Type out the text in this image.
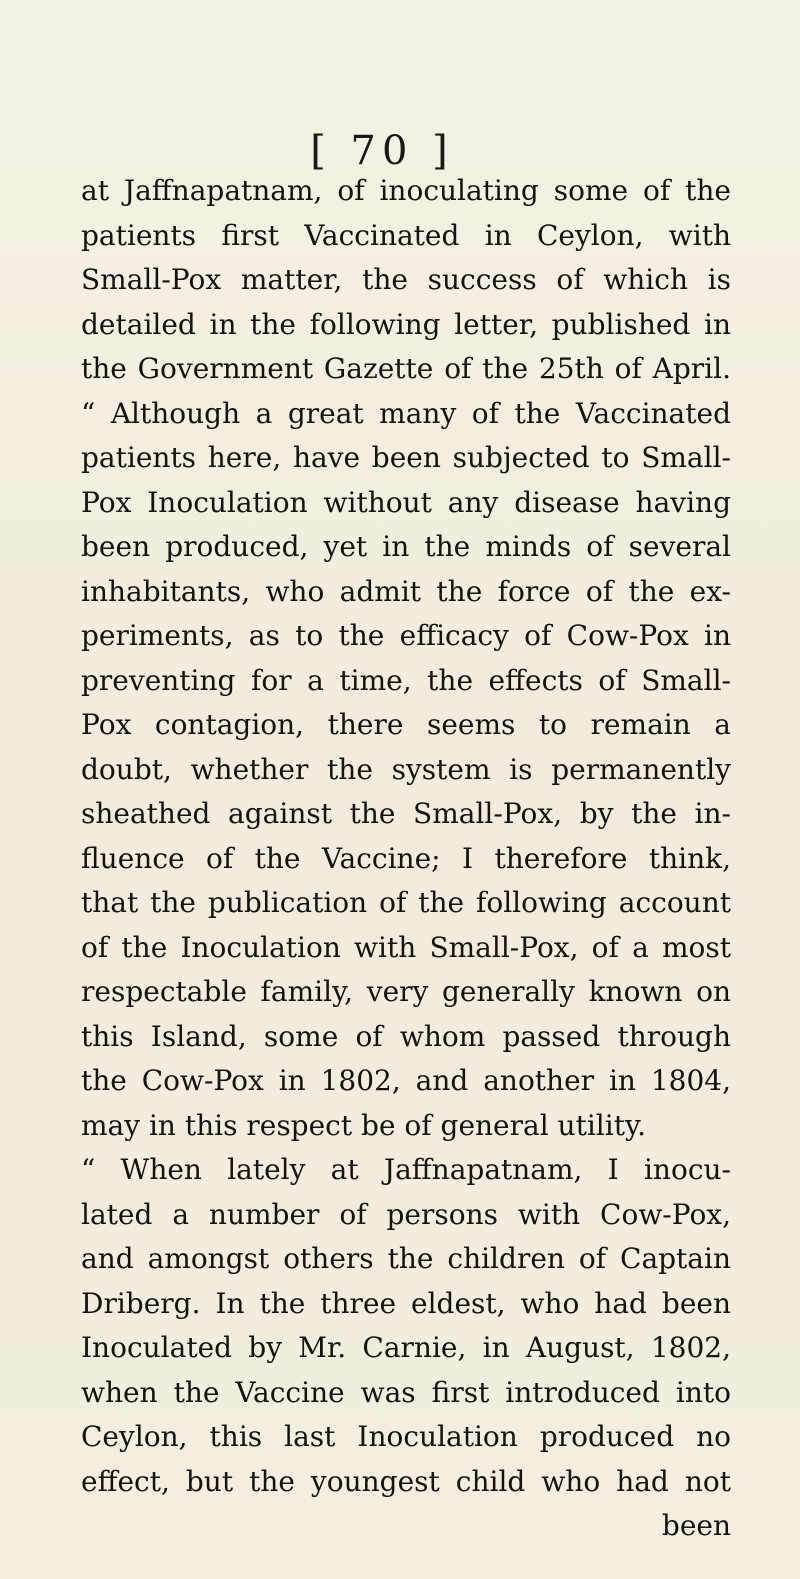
[ 70 ]
at Jaffnapatnam, of inoculating some of the
patients first Vaccinated in Ceylon, with
Small-Pox matter, the success of which is
detailed in the following letter, published in
the Government Gazette of the 25th of April.
“ Although a great many of the Vaccinated
patients here, have been subjected to Small-
Pox Inoculation without any disease having
been produced, yet in the minds of several
inhabitants, who admit the force of the ex-
periments, as to the efficacy of Cow-Pox in
preventing for a time, the effects of Small-
Pox contagion, there seems to remain a
doubt, whether the system is permanently
sheathed against the Small-Pox, by the in-
fluence of the Vaccine; I therefore think,
that the publication of the following account
of the Inoculation with Small-Pox, of a most
respectable family, very generally known on
this Island, some of whom passed through
the Cow-Pox in 1802, and another in 1804,
may in this respect be of general utility.
“ When lately at Jaffnapatnam, I inocu-
lated a number of persons with Cow-Pox,
and amongst others the children of Captain
Driberg. In the three eldest, who had been
Inoculated by Mr. Carnie, in August, 1802,
when the Vaccine was first introduced into
Ceylon, this last Inoculation produced no
effect, but the youngest child who had not
been
